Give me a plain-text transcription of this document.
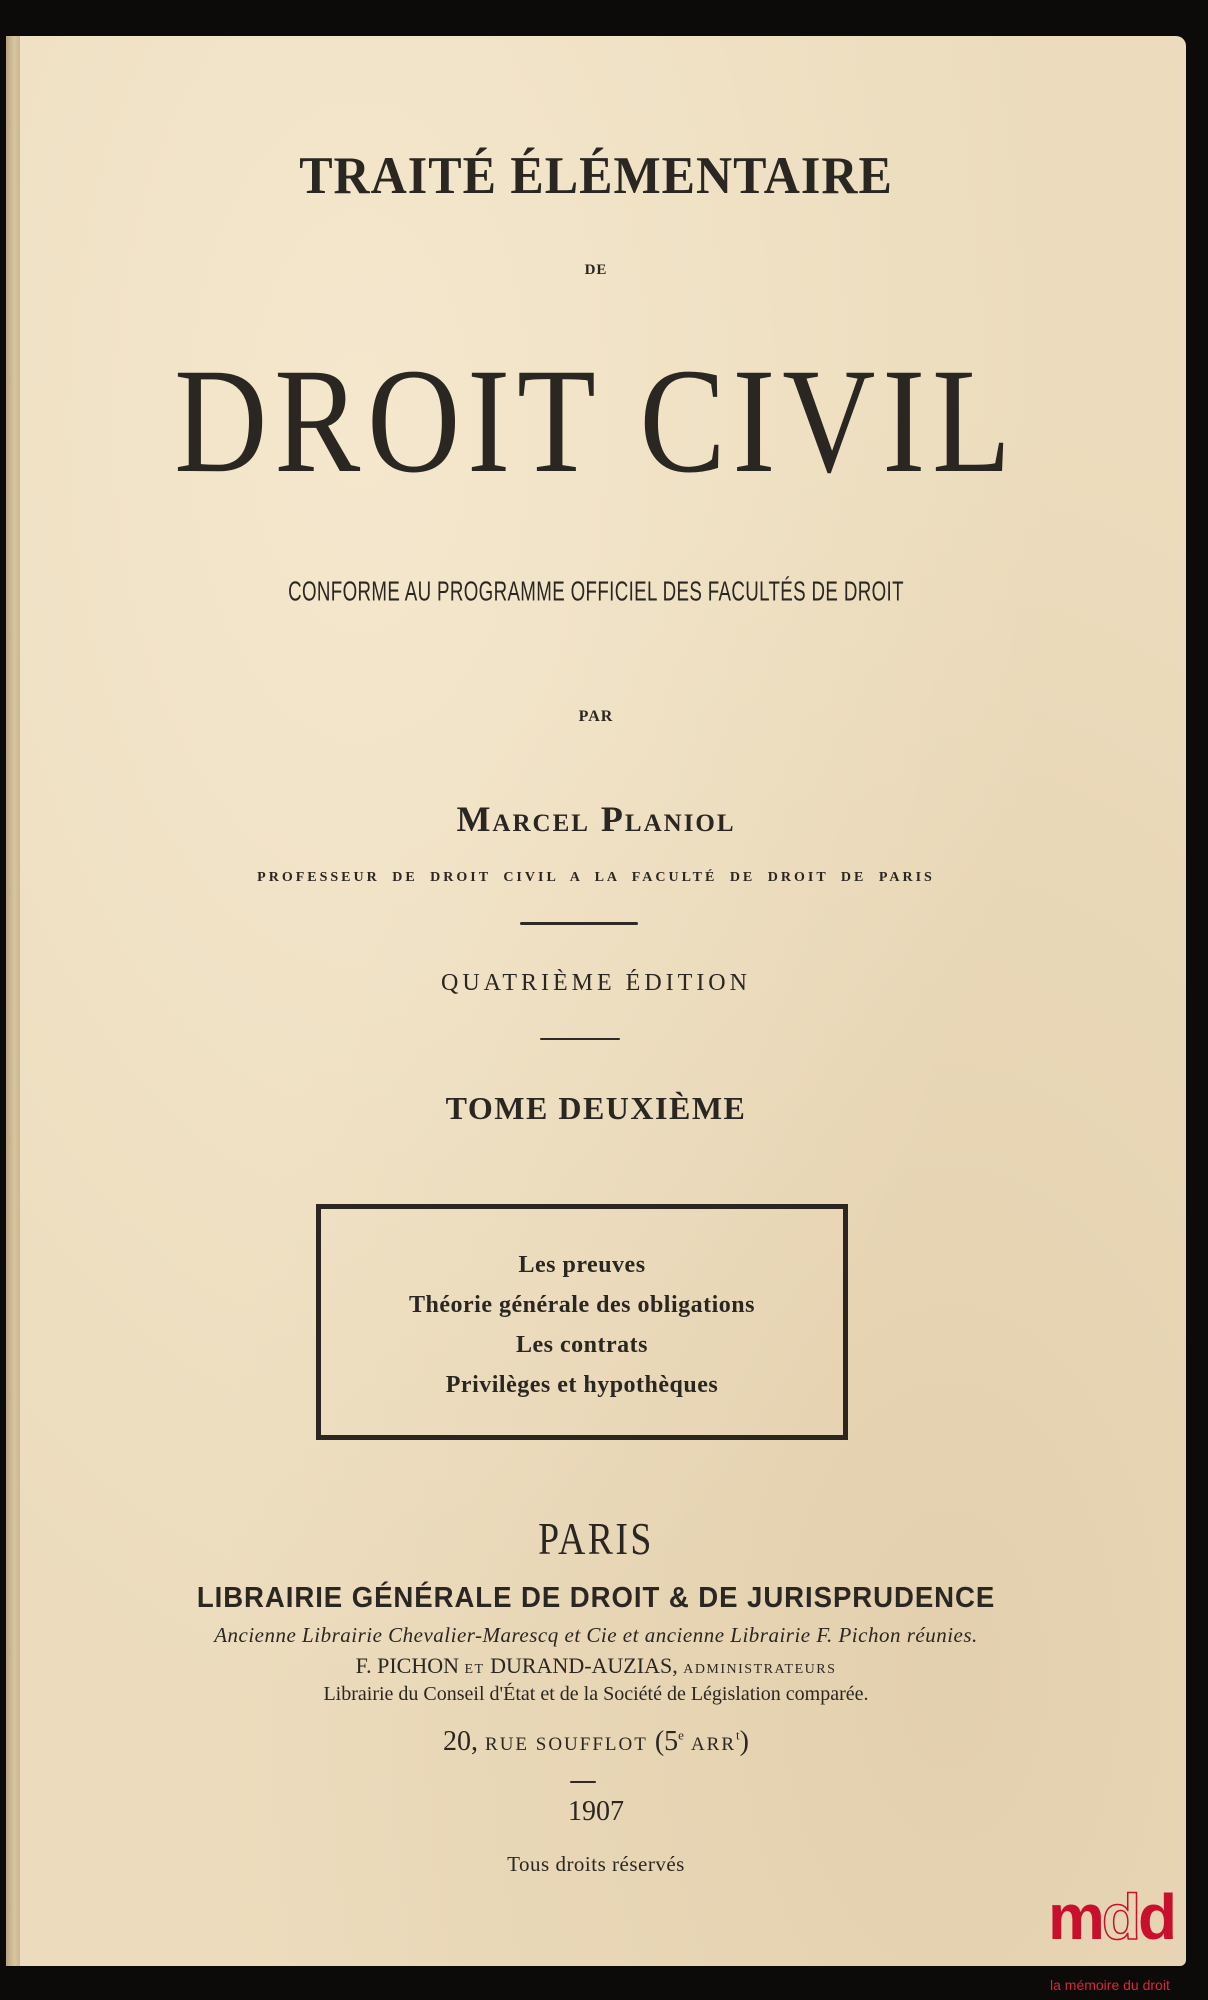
TRAITÉ ÉLÉMENTAIRE
DE
DROIT CIVIL
CONFORME AU PROGRAMME OFFICIEL DES FACULTÉS DE DROIT
PAR
Marcel Planiol
PROFESSEUR DE DROIT CIVIL A LA FACULTÉ DE DROIT DE PARIS
QUATRIÈME ÉDITION
TOME DEUXIÈME
Les preuves
Théorie générale des obligations
Les contrats
Privilèges et hypothèques
PARIS
LIBRAIRIE GÉNÉRALE DE DROIT & DE JURISPRUDENCE
Ancienne Librairie Chevalier-Marescq et Cie et ancienne Librairie F. Pichon réunies.
F. PICHON ET DURAND-AUZIAS, ADMINISTRATEURS
Librairie du Conseil d'État et de la Société de Législation comparée.
20, RUE SOUFFLOT (5e ARR$^t$)
1907
Tous droits réservés
mdd
la mémoire du droit
